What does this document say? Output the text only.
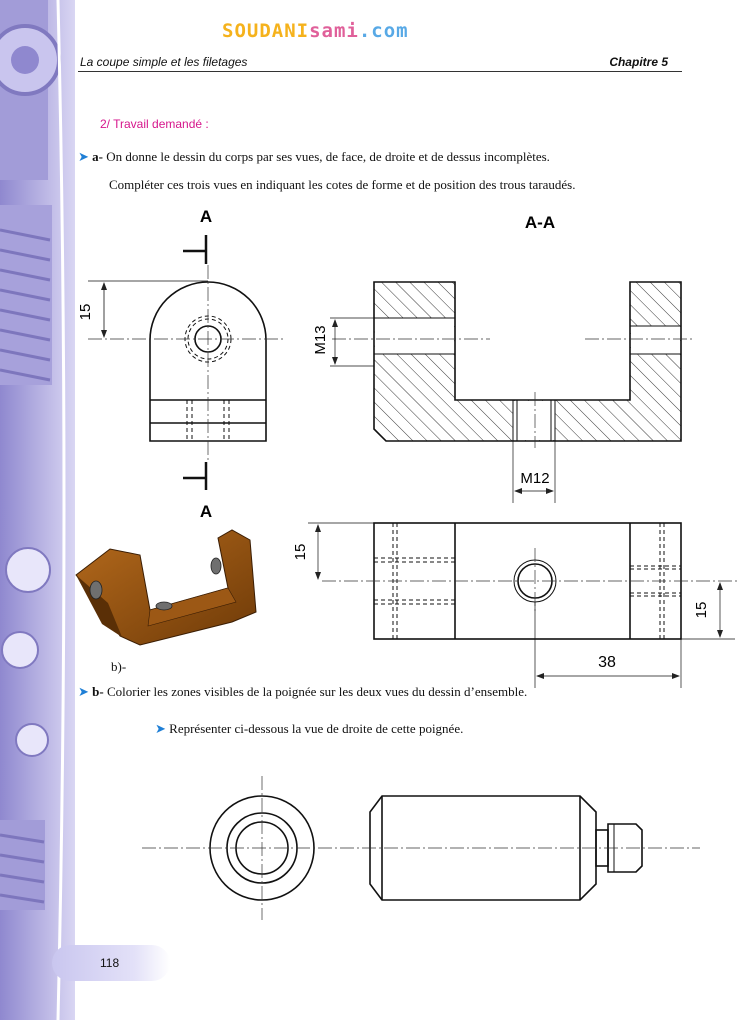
SOUDANIsami.com
La coupe simple et les filetages	Chapitre 5
2/ Travail demandé :
➤ a- On donne le dessin du corps par ses vues, de face, de droite et de dessus incomplètes.
Compléter ces trois vues en indiquant les cotes de forme et de position des trous taraudés.
A
A
15
A-A
M13
M12
15
15
38
b)-
➤ b- Colorier les zones visibles de la poignée sur les deux vues du dessin d’ensemble.
➤ Représenter ci-dessous la vue de droite de cette poignée.
118
